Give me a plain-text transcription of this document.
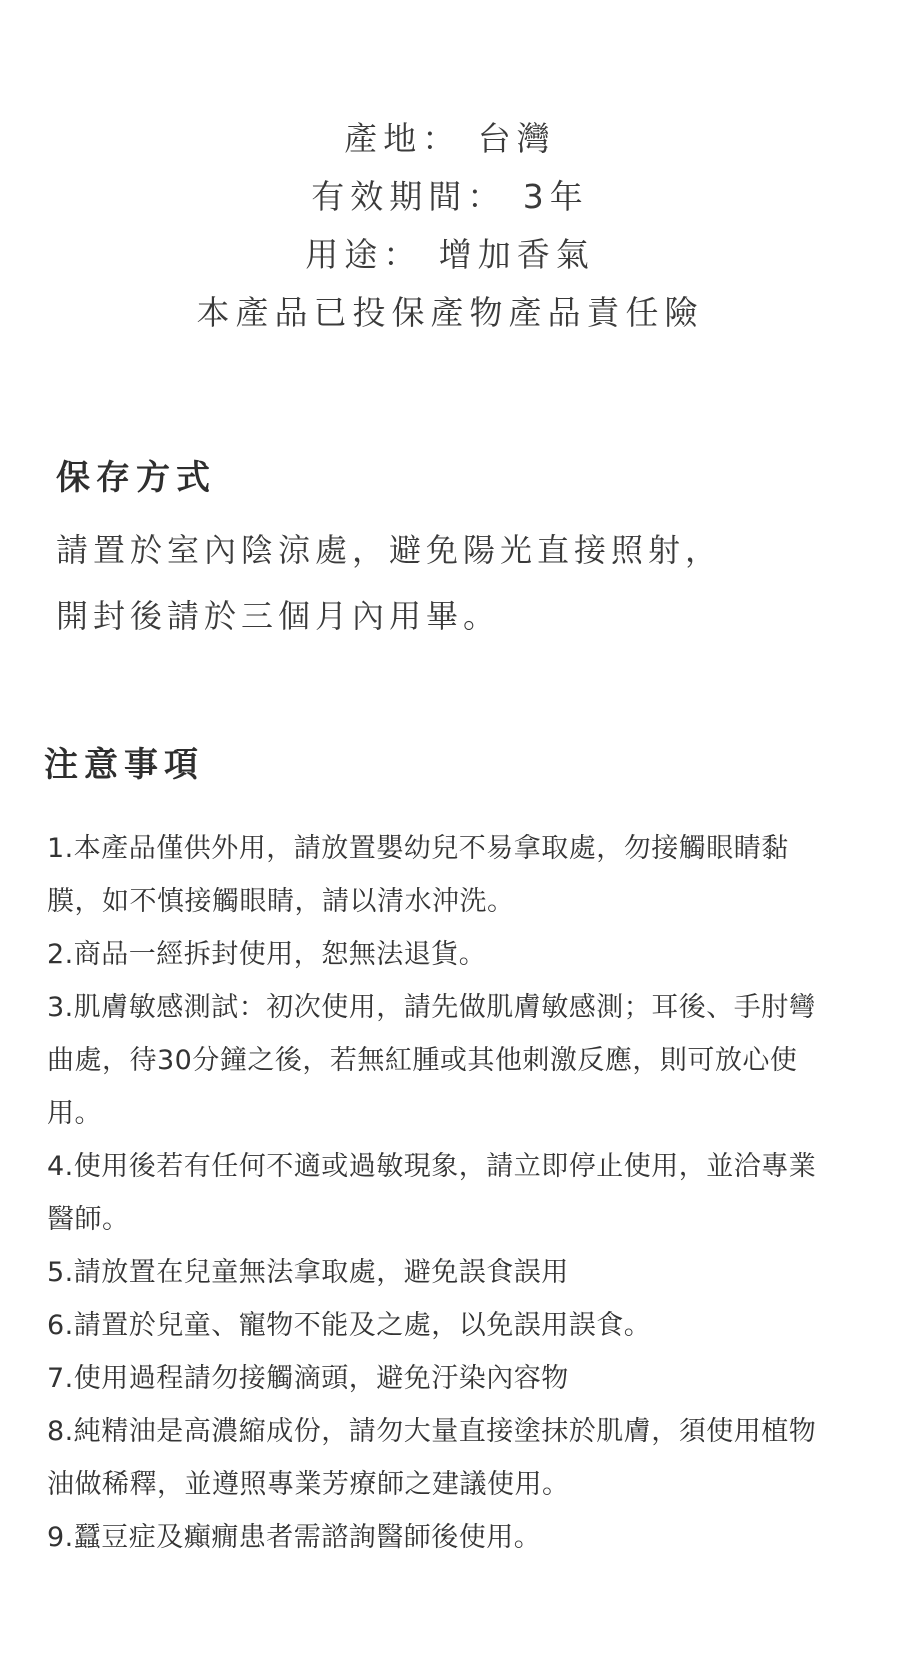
產地： 台灣
有效期間： 3年
用途： 增加香氣
本產品已投保產物產品責任險
保存方式
請置於室內陰涼處，避免陽光直接照射，
開封後請於三個月內用畢。
注意事項

1.本產品僅供外用，請放置嬰幼兒不易拿取處，勿接觸眼睛黏膜，如不慎接觸眼睛，請以清水沖洗。

2.商品一經拆封使用，恕無法退貨。

3.肌膚敏感測試：初次使用，請先做肌膚敏感測；耳後、手肘彎曲處，待30分鐘之後，若無紅腫或其他刺激反應，則可放心使用。

4.使用後若有任何不適或過敏現象，請立即停止使用，並洽專業醫師。

5.請放置在兒童無法拿取處，避免誤食誤用

6.請置於兒童、寵物不能及之處，以免誤用誤食。

7.使用過程請勿接觸滴頭，避免汙染內容物

8.純精油是高濃縮成份，請勿大量直接塗抹於肌膚，須使用植物油做稀釋，並遵照專業芳療師之建議使用。

9.蠶豆症及癲癇患者需諮詢醫師後使用。
